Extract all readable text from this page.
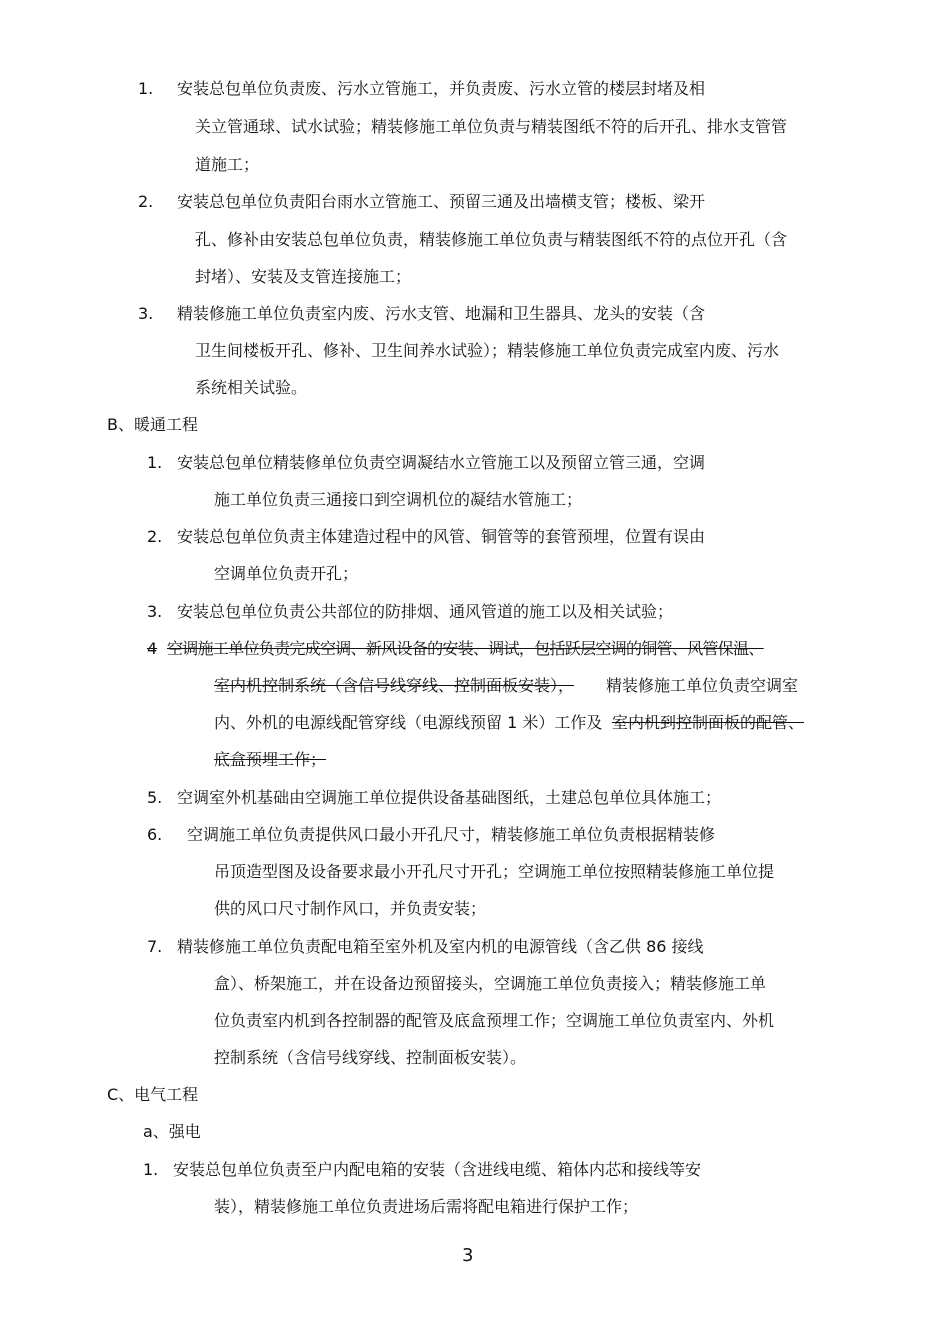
1. 安装总包单位负责废、污水立管施工，并负责废、污水立管的楼层封堵及相
关立管通球、试水试验；精装修施工单位负责与精装图纸不符的后开孔、排水支管管
道施工；
2. 安装总包单位负责阳台雨水立管施工、预留三通及出墙横支管；楼板、梁开
孔、修补由安装总包单位负责，精装修施工单位负责与精装图纸不符的点位开孔（含
封堵）、安装及支管连接施工；
3. 精装修施工单位负责室内废、污水支管、地漏和卫生器具、龙头的安装（含
卫生间楼板开孔、修补、卫生间养水试验）；精装修施工单位负责完成室内废、污水
系统相关试验。
B、暖通工程
1. 安装总包单位精装修单位负责空调凝结水立管施工以及预留立管三通，空调
施工单位负责三通接口到空调机位的凝结水管施工；
2. 安装总包单位负责主体建造过程中的风管、铜管等的套管预埋，位置有误由
空调单位负责开孔；
3. 安装总包单位负责公共部位的防排烟、通风管道的施工以及相关试验；
4 空调施工单位负责完成空调、新风设备的安装、调试，包括跃层空调的铜管、风管保温、
室内机控制系统（含信号线穿线、控制面板安装）， 精装修施工单位负责空调室
内、外机的电源线配管穿线（电源线预留 1 米）工作及 室内机到控制面板的配管、
底盒预埋工作；
5. 空调室外机基础由空调施工单位提供设备基础图纸，土建总包单位具体施工；
6. 空调施工单位负责提供风口最小开孔尺寸，精装修施工单位负责根据精装修
吊顶造型图及设备要求最小开孔尺寸开孔；空调施工单位按照精装修施工单位提
供的风口尺寸制作风口，并负责安装；
7. 精装修施工单位负责配电箱至室外机及室内机的电源管线（含乙供 86 接线
盒）、桥架施工，并在设备边预留接头，空调施工单位负责接入；精装修施工单
位负责室内机到各控制器的配管及底盒预埋工作；空调施工单位负责室内、外机
控制系统（含信号线穿线、控制面板安装）。
C、电气工程
a、强电
1. 安装总包单位负责至户内配电箱的安装（含进线电缆、箱体内芯和接线等安
装），精装修施工单位负责进场后需将配电箱进行保护工作；
3
